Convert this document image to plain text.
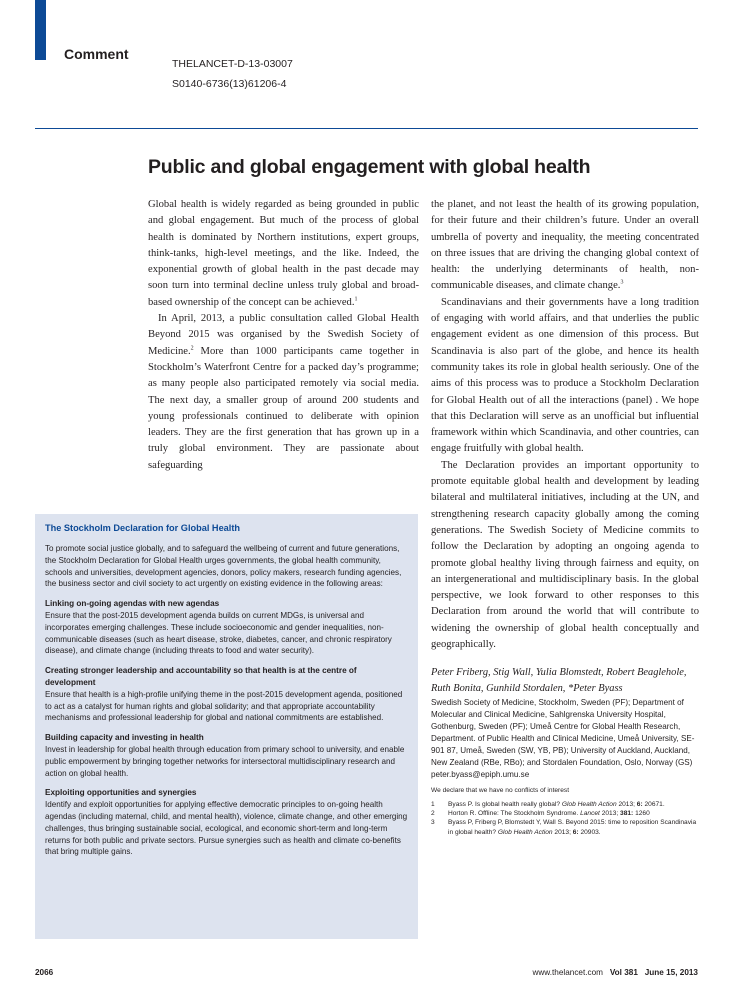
Comment
THELANCET-D-13-03007
S0140-6736(13)61206-4
Public and global engagement with global health

Global health is widely regarded as being grounded in public and global engagement. But much of the process of global health is dominated by Northern institutions, expert groups, think-tanks, high-level meetings, and the like. Indeed, the exponential growth of global health in the past decade may soon turn into terminal decline unless truly global and broad-based ownership of the concept can be achieved.$^1$

In April, 2013, a public consultation called Global Health Beyond 2015 was organised by the Swedish Society of Medicine.$^2$ More than 1000 participants came together in Stockholm’s Waterfront Centre for a packed day’s programme; as many people also participated remotely via social media. The next day, a smaller group of around 200 students and young professionals continued to deliberate with opinion leaders. They are the first generation that has grown up in a truly global environment. They are passionate about safeguarding

the planet, and not least the health of its growing population, for their future and their children’s future. Under an overall umbrella of poverty and inequality, the meeting concentrated on three issues that are driving the changing global context of health: the underlying determinants of health, non-communicable diseases, and climate change.$^3$

Scandinavians and their governments have a long tradition of engaging with world affairs, and that underlies the public engagement evident as one dimension of this process. But Scandinavia is also part of the globe, and hence its health community takes its role in global health seriously. One of the aims of this process was to produce a Stockholm Declaration for Global Health out of all the interactions (panel) . We hope that this Declaration will serve as an unofficial but influential framework within which Scandinavia, and other countries, can engage fruitfully with global health.

The Declaration provides an important opportunity to promote equitable global health and development by leading bilateral and multilateral initiatives, including at the UN, and strengthening research capacity globally among the coming generations. The Swedish Society of Medicine commits to follow the Declaration by adopting an ongoing agenda to promote global healthy living through fairness and equity, on an intergenerational and multidisciplinary basis. In the global perspective, we look forward to other responses to this Declaration from around the world that will contribute to widening the ownership of global health conceptually and geographically.

Peter Friberg, Stig Wall, Yulia Blomstedt, Robert Beaglehole, Ruth Bonita, Gunhild Stordalen, *Peter Byass

Swedish Society of Medicine, Stockholm, Sweden (PF); Department of Molecular and Clinical Medicine, Sahlgrenska University Hospital, Gothenburg, Sweden (PF); Umeå Centre for Global Health Research, Department. of Public Health and Clinical Medicine, Umeå University, SE-901 87, Umeå, Sweden (SW, YB, PB); University of Auckland, Auckland, New Zealand (RBe, RBo); and Stordalen Foundation, Oslo, Norway (GS)

peter.byass@epiph.umu.se

We declare that we have no conflicts of interest

1	Byass P. Is global health really global? Glob Health Action 2013; 6: 20671.
2	Horton R. Offline: The Stockholm Syndrome. Lancet 2013; 381: 1260
3	Byass P, Friberg P, Blomstedt Y, Wall S. Beyond 2015: time to reposition Scandinavia in global health? Glob Health Action 2013; 6: 20903.

The Stockholm Declaration for Global Health

To promote social justice globally, and to safeguard the wellbeing of current and future generations, the Stockholm Declaration for Global Health urges governments, the global health community, schools and universities, development agencies, donors, policy makers, research funding agencies, the business sector and civil society to act urgently on existing evidence in the following areas:

Linking on-going agendas with new agendas

Ensure that the post-2015 development agenda builds on current MDGs, is universal and incorporates emerging challenges. These include socioeconomic and gender inequalities, non-communicable diseases (such as heart disease, stroke, diabetes, cancer, and chronic respiratory disease), and climate change (including threats to food and water security).

Creating stronger leadership and accountability so that health is at the centre of development

Ensure that health is a high-profile unifying theme in the post-2015 development agenda, positioned to act as a catalyst for human rights and global solidarity; and that appropriate accountability mechanisms and professional leadership for global and national commitments are established.

Building capacity and investing in health

Invest in leadership for global health through education from primary school to university, and enable public empowerment by bringing together networks for intersectoral multidisciplinary research and action on global health.

Exploiting opportunities and synergies

Identify and exploit opportunities for applying effective democratic principles to on-going health agendas (including maternal, child, and mental health), violence, climate change, and other emerging challenges, thus bringing sustainable social, ecological, and economic short-term and long-term returns for both public and private sectors. Pursue synergies such as health and climate co-benefits that bring multiple gains.

2066	www.thelancet.com Vol 381 June 15, 2013
